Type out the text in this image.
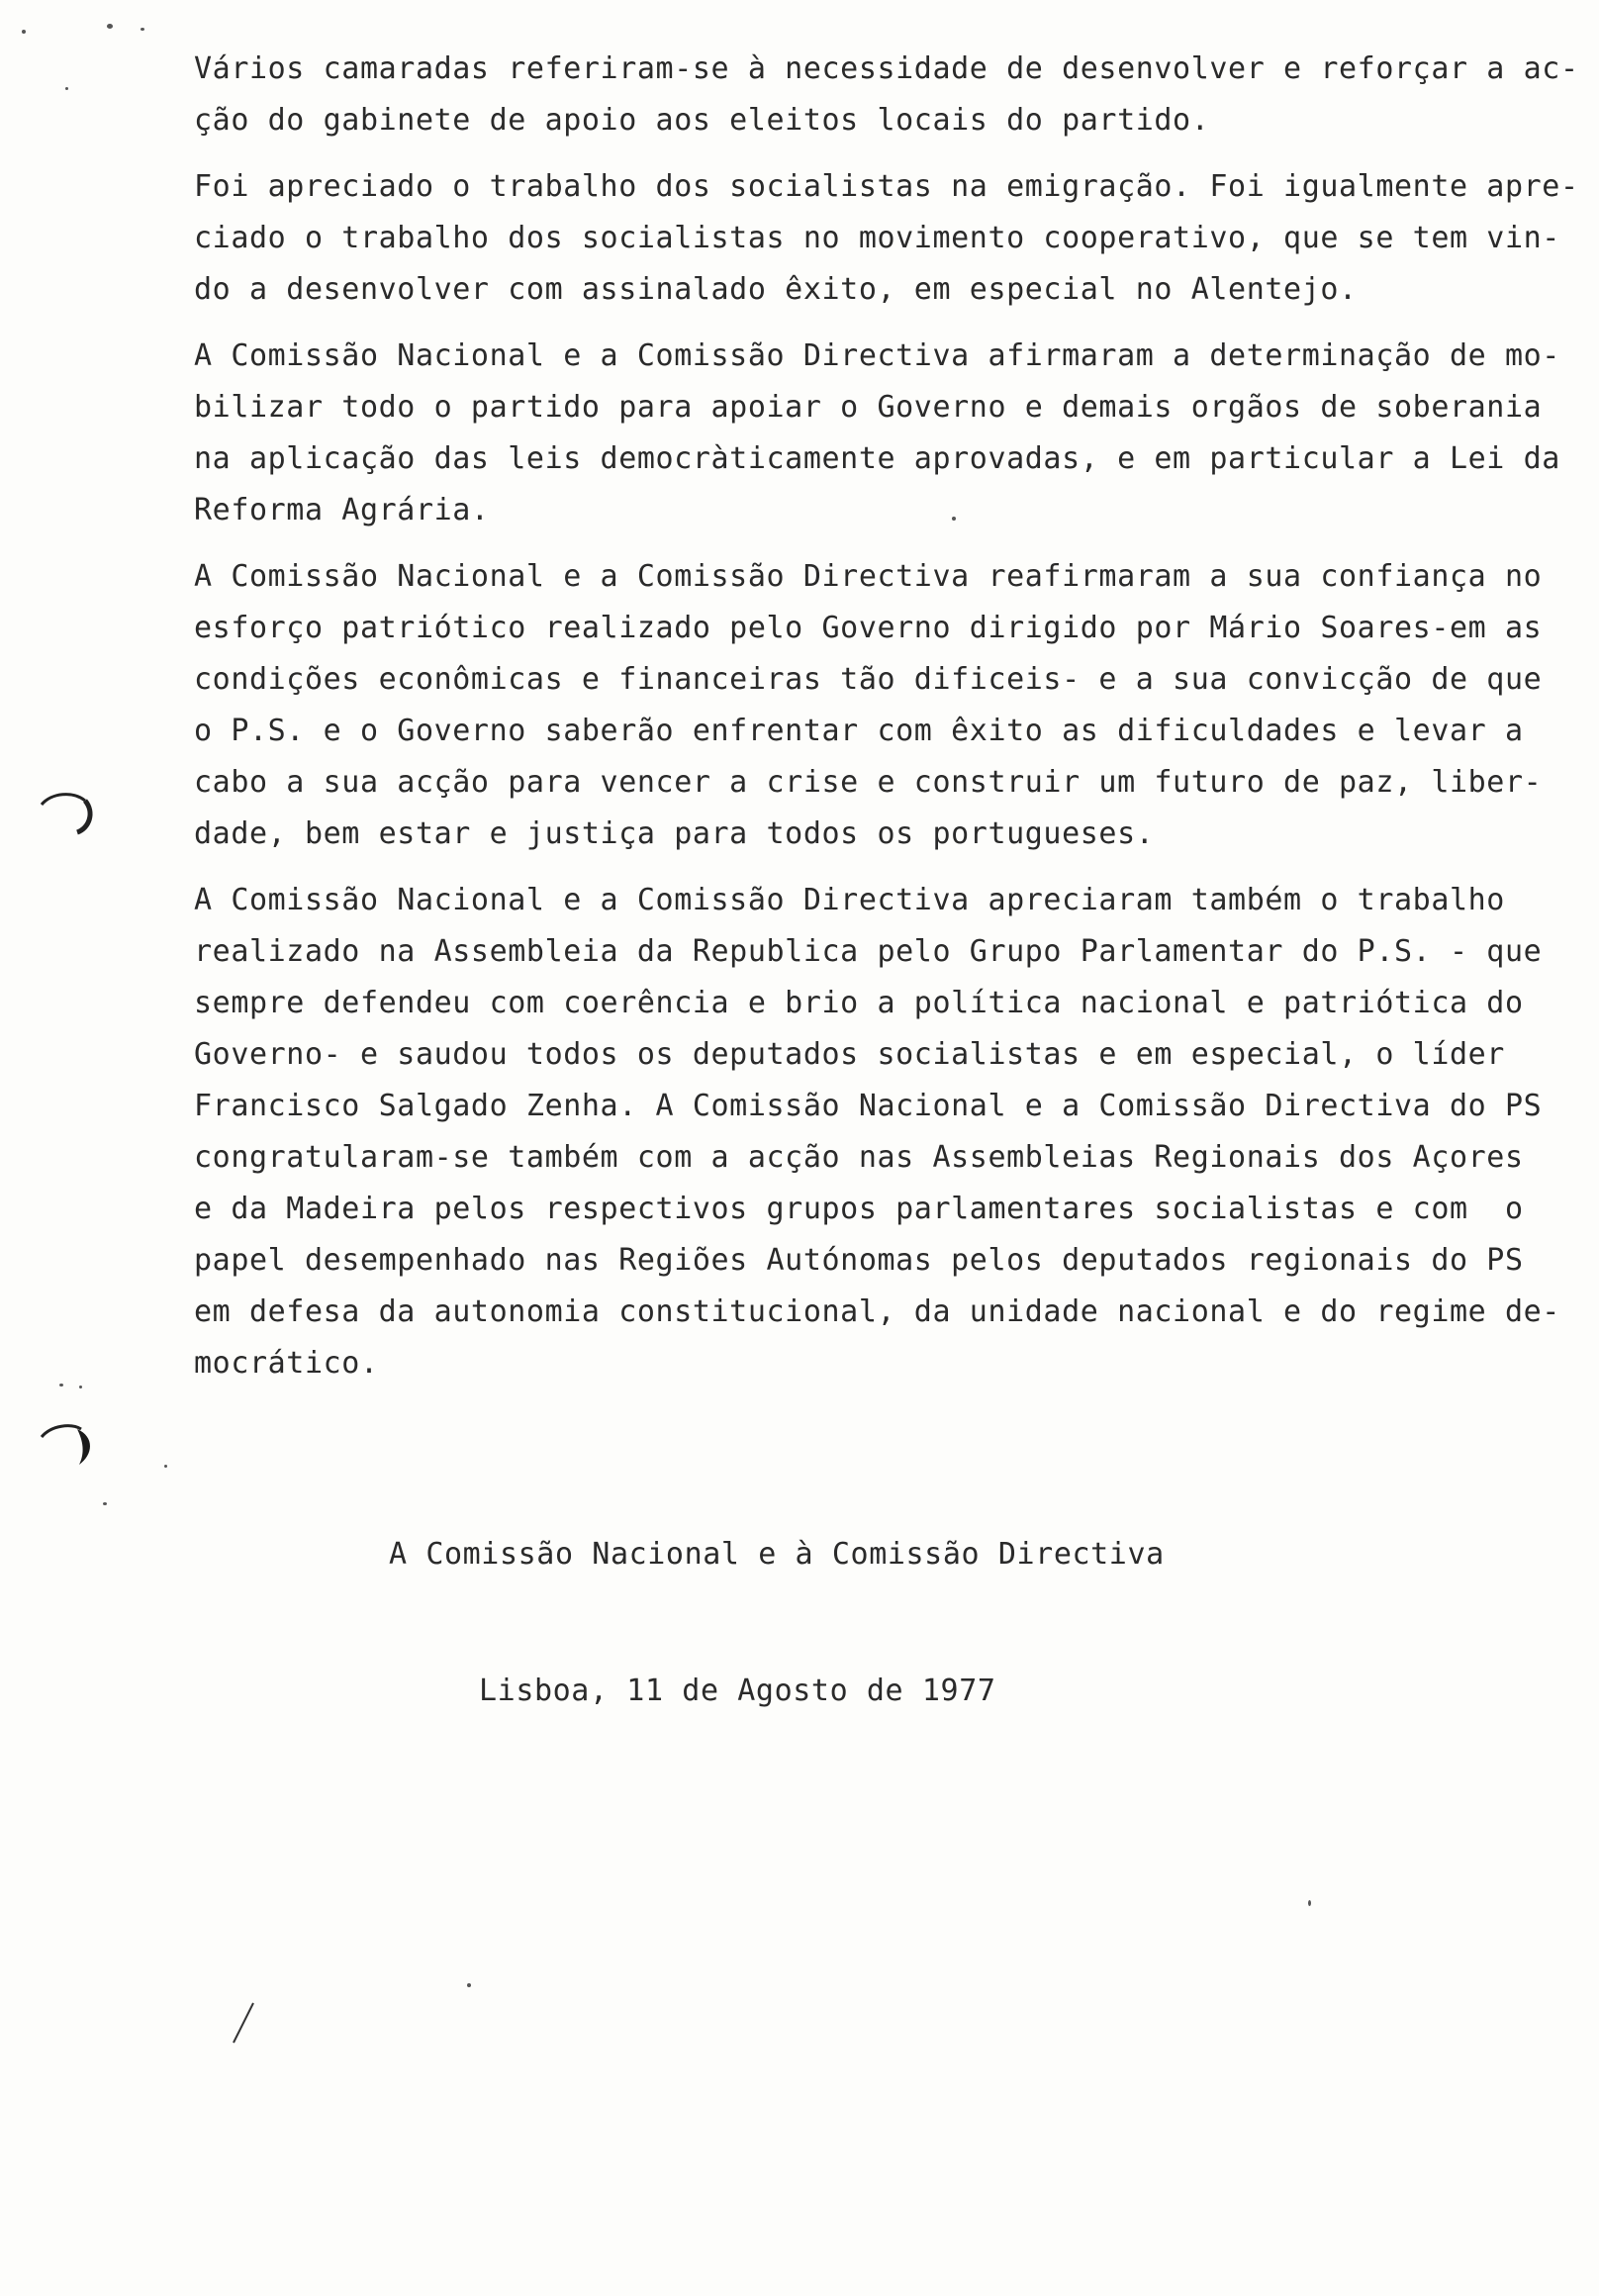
Vários camaradas referiram-se à necessidade de desenvolver e reforçar a ac-
ção do gabinete de apoio aos eleitos locais do partido.
Foi apreciado o trabalho dos socialistas na emigração. Foi igualmente apre-
ciado o trabalho dos socialistas no movimento cooperativo, que se tem vin-
do a desenvolver com assinalado êxito, em especial no Alentejo.
A Comissão Nacional e a Comissão Directiva afirmaram a determinação de mo-
bilizar todo o partido para apoiar o Governo e demais orgãos de soberania
na aplicação das leis democràticamente aprovadas, e em particular a Lei da
Reforma Agrária.
A Comissão Nacional e a Comissão Directiva reafirmaram a sua confiança no
esforço patriótico realizado pelo Governo dirigido por Mário Soares-em as
condições econômicas e financeiras tão dificeis- e a sua convicção de que
o P.S. e o Governo saberão enfrentar com êxito as dificuldades e levar a
cabo a sua acção para vencer a crise e construir um futuro de paz, liber-
dade, bem estar e justiça para todos os portugueses.
A Comissão Nacional e a Comissão Directiva apreciaram também o trabalho
realizado na Assembleia da Republica pelo Grupo Parlamentar do P.S. - que
sempre defendeu com coerência e brio a política nacional e patriótica do
Governo- e saudou todos os deputados socialistas e em especial, o líder
Francisco Salgado Zenha. A Comissão Nacional e a Comissão Directiva do PS
congratularam-se também com a acção nas Assembleias Regionais dos Açores
e da Madeira pelos respectivos grupos parlamentares socialistas e com  o
papel desempenhado nas Regiões Autónomas pelos deputados regionais do PS
em defesa da autonomia constitucional, da unidade nacional e do regime de-
mocrático.
A Comissão Nacional e à Comissão Directiva
Lisboa, 11 de Agosto de 1977
